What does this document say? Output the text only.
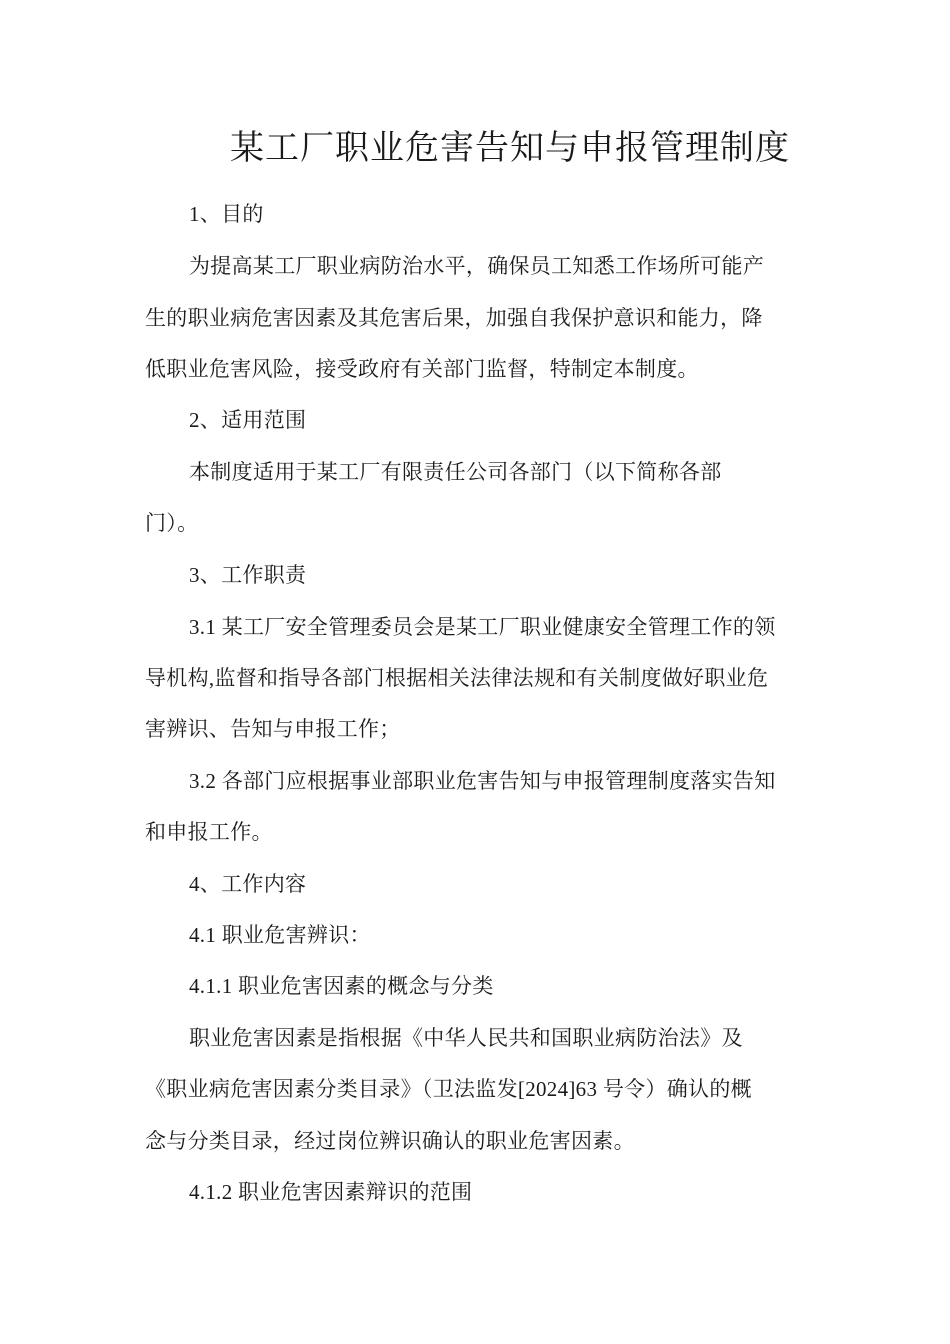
某工厂职业危害告知与申报管理制度
1、目的
为提高某工厂职业病防治水平，确保员工知悉工作场所可能产
生的职业病危害因素及其危害后果，加强自我保护意识和能力，降
低职业危害风险，接受政府有关部门监督，特制定本制度。
2、适用范围
本制度适用于某工厂有限责任公司各部门（以下简称各部
门）。
3、工作职责
3.1 某工厂安全管理委员会是某工厂职业健康安全管理工作的领
导机构,监督和指导各部门根据相关法律法规和有关制度做好职业危
害辨识、告知与申报工作；
3.2 各部门应根据事业部职业危害告知与申报管理制度落实告知
和申报工作。
4、工作内容
4.1 职业危害辨识：
4.1.1 职业危害因素的概念与分类
职业危害因素是指根据《中华人民共和国职业病防治法》及
《职业病危害因素分类目录》（卫法监发[2024]63 号令）确认的概
念与分类目录，经过岗位辨识确认的职业危害因素。
4.1.2 职业危害因素辩识的范围
